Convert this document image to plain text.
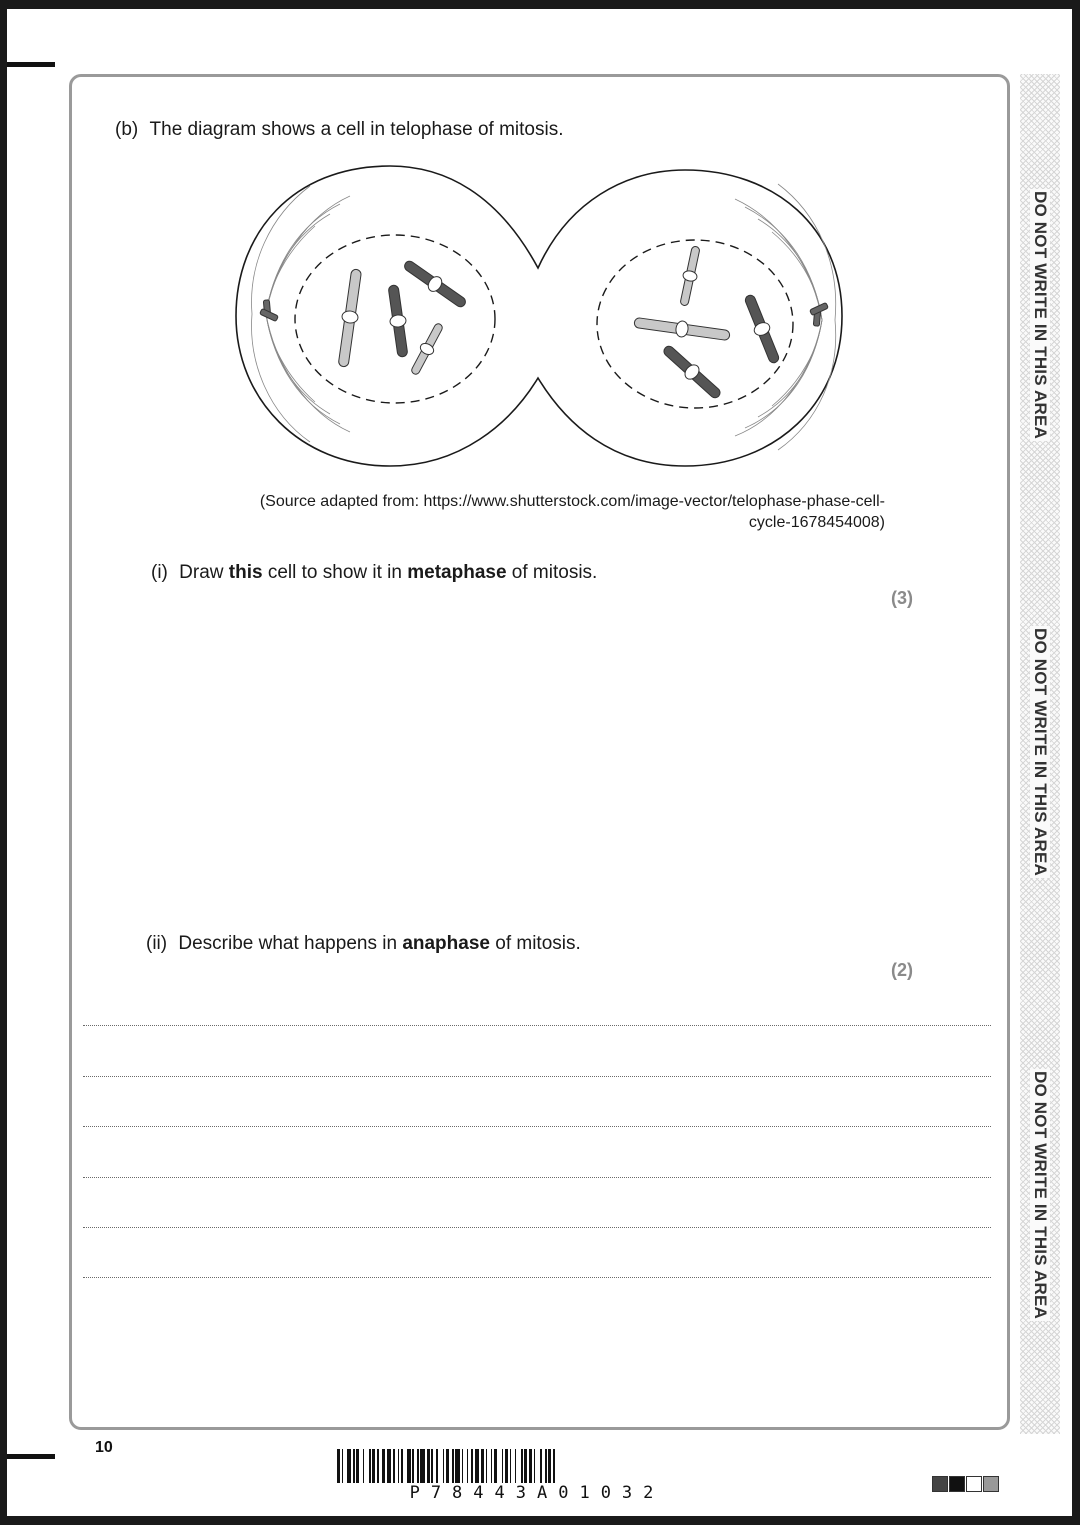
DO NOT WRITE IN THIS AREA
DO NOT WRITE IN THIS AREA
DO NOT WRITE IN THIS AREA
(b) The diagram shows a cell in telophase of mitosis.
(Source adapted from: https://www.shutterstock.com/image-vector/telophase-phase-cell-
cycle-1678454008)
(i) Draw this cell to show it in metaphase of mitosis.
(3)
(ii) Describe what happens in anaphase of mitosis.
(2)
10
P78443A01032
